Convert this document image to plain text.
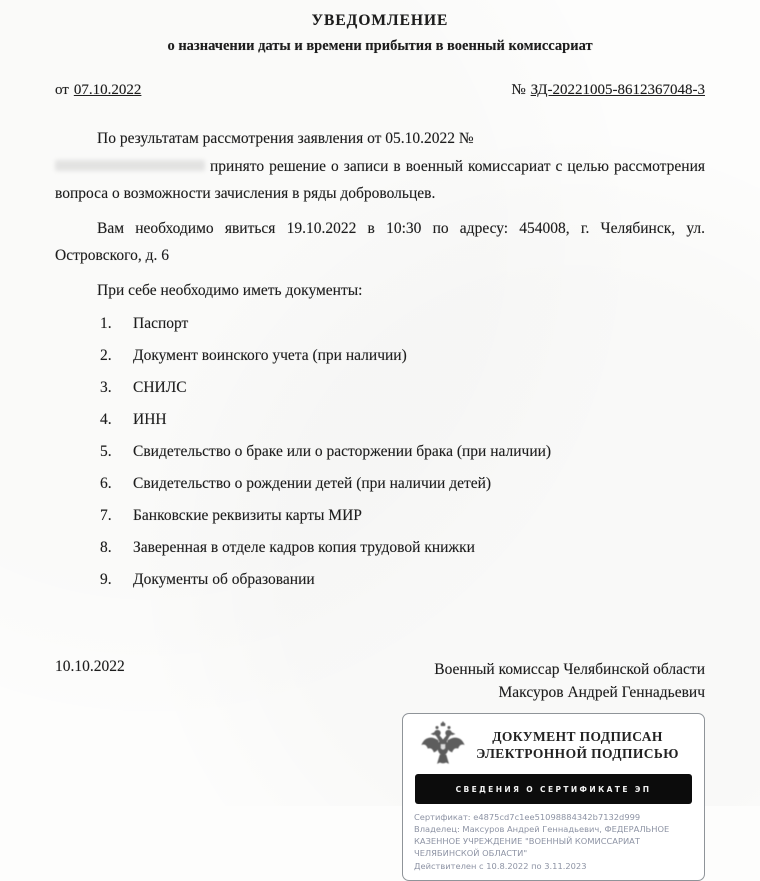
УВЕДОМЛЕНИЕ
о назначении даты и времени прибытия в военный комиссариат
от 07.10.2022	№ ЗД-20221005-8612367048-3

По результатам рассмотрения заявления от 05.10.2022 №
принято решение о записи в военный комиссариат с целью рассмотрения вопроса о возможности зачисления в ряды добровольцев.

Вам необходимо явиться 19.10.2022 в 10:30 по адресу: 454008, г. Челябинск, ул. Островского, д. 6

При себе необходимо иметь документы:

1.	Паспорт
2.	Документ воинского учета (при наличии)
3.	СНИЛС
4.	ИНН
5.	Свидетельство о браке или о расторжении брака (при наличии)
6.	Свидетельство о рождении детей (при наличии детей)
7.	Банковские реквизиты карты МИР
8.	Заверенная в отделе кадров копия трудовой книжки
9.	Документы об образовании
10.10.2022	Военный комиссар Челябинской области
Максуров Андрей Геннадьевич
ДОКУМЕНТ ПОДПИСАН
ЭЛЕКТРОННОЙ ПОДПИСЬЮ
СВЕДЕНИЯ О СЕРТИФИКАТЕ ЭП
Сертификат: e4875cd7c1ee51098884342b7132d999
Владелец: Максуров Андрей Геннадьевич, ФЕДЕРАЛЬНОЕ КАЗЕННОЕ УЧРЕЖДЕНИЕ "ВОЕННЫЙ КОМИССАРИАТ ЧЕЛЯБИНСКОЙ ОБЛАСТИ"
Действителен с 10.8.2022 по 3.11.2023
